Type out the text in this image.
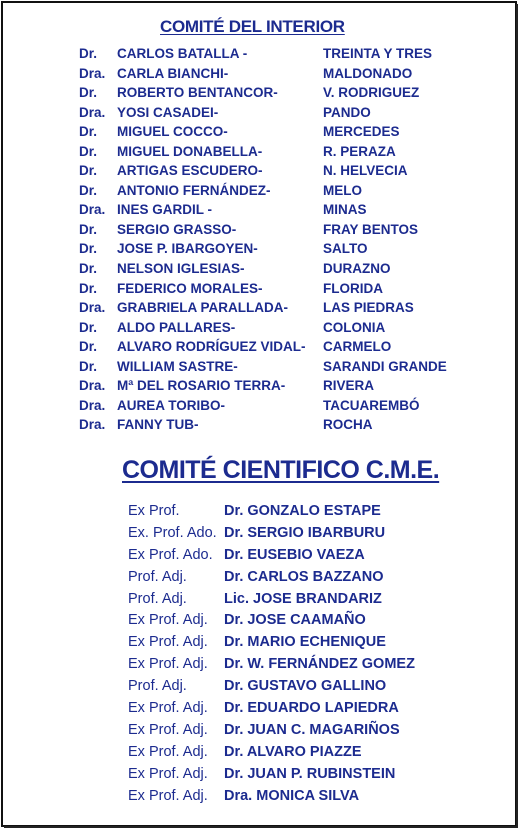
COMITÉ DEL INTERIOR
Dr. CARLOS BATALLA -	TREINTA Y TRES
Dra. CARLA BIANCHI-	MALDONADO
Dr. ROBERTO BENTANCOR-	V. RODRIGUEZ
Dra. YOSI CASADEI-	PANDO
Dr. MIGUEL COCCO-	MERCEDES
Dr. MIGUEL DONABELLA-	R. PERAZA
Dr. ARTIGAS ESCUDERO-	N. HELVECIA
Dr. ANTONIO FERNÁNDEZ-	MELO
Dra. INES GARDIL -	MINAS
Dr. SERGIO GRASSO-	FRAY BENTOS
Dr. JOSE P. IBARGOYEN-	SALTO
Dr. NELSON IGLESIAS-	DURAZNO
Dr. FEDERICO MORALES-	FLORIDA
Dra. GRABRIELA PARALLADA-	LAS PIEDRAS
Dr. ALDO PALLARES-	COLONIA
Dr. ALVARO RODRÍGUEZ VIDAL- CARMELO
Dr. WILLIAM SASTRE-	SARANDI GRANDE
Dra. Mª DEL ROSARIO TERRA-	RIVERA
Dra. AUREA TORIBO-	TACUAREMBÓ
Dra. FANNY TUB-	ROCHA
COMITÉ CIENTIFICO C.M.E.
Ex Prof.	Dr. GONZALO ESTAPE
Ex. Prof. Ado. Dr. SERGIO IBARBURU
Ex Prof. Ado. Dr. EUSEBIO VAEZA
Prof. Adj.	Dr. CARLOS BAZZANO
Prof. Adj.	Lic. JOSE BRANDARIZ
Ex Prof. Adj. Dr. JOSE CAAMAÑO
Ex Prof. Adj. Dr. MARIO ECHENIQUE
Ex Prof. Adj. Dr. W. FERNÁNDEZ GOMEZ
Prof. Adj.	Dr. GUSTAVO GALLINO
Ex Prof. Adj. Dr. EDUARDO LAPIEDRA
Ex Prof. Adj. Dr. JUAN C. MAGARIÑOS
Ex Prof. Adj. Dr. ALVARO PIAZZE
Ex Prof. Adj. Dr. JUAN P. RUBINSTEIN
Ex Prof. Adj. Dra. MONICA SILVA
